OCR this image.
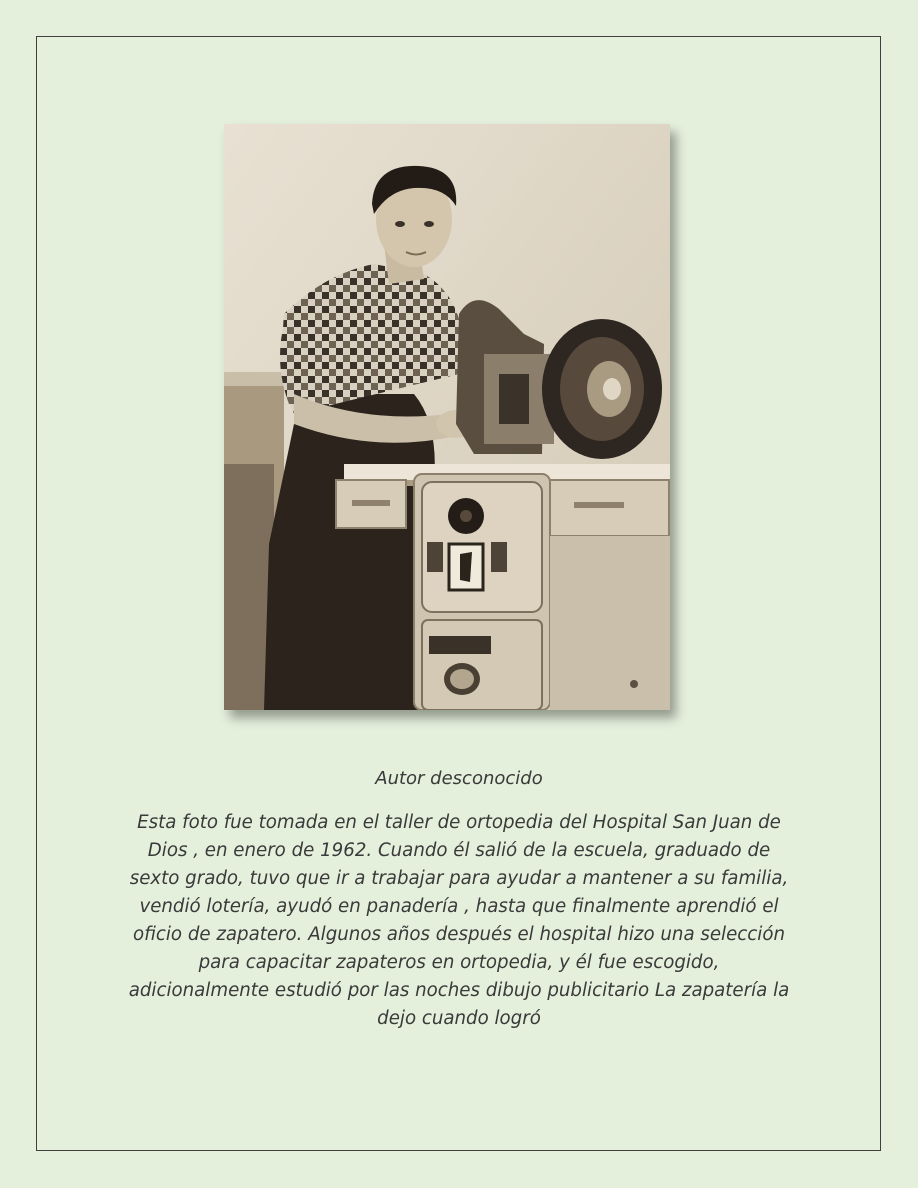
Autor desconocido

Esta foto fue tomada en el taller de ortopedia del Hospital San Juan de Dios , en enero de 1962. Cuando él salió de la escuela, graduado de sexto grado, tuvo que ir a trabajar para ayudar a mantener a su familia, vendió lotería, ayudó en panadería , hasta que finalmente aprendió el oficio de zapatero. Algunos años después el hospital hizo una selección para capacitar zapateros en ortopedia, y él fue escogido, adicionalmente estudió por las noches dibujo publicitario La zapatería la dejo cuando logró
